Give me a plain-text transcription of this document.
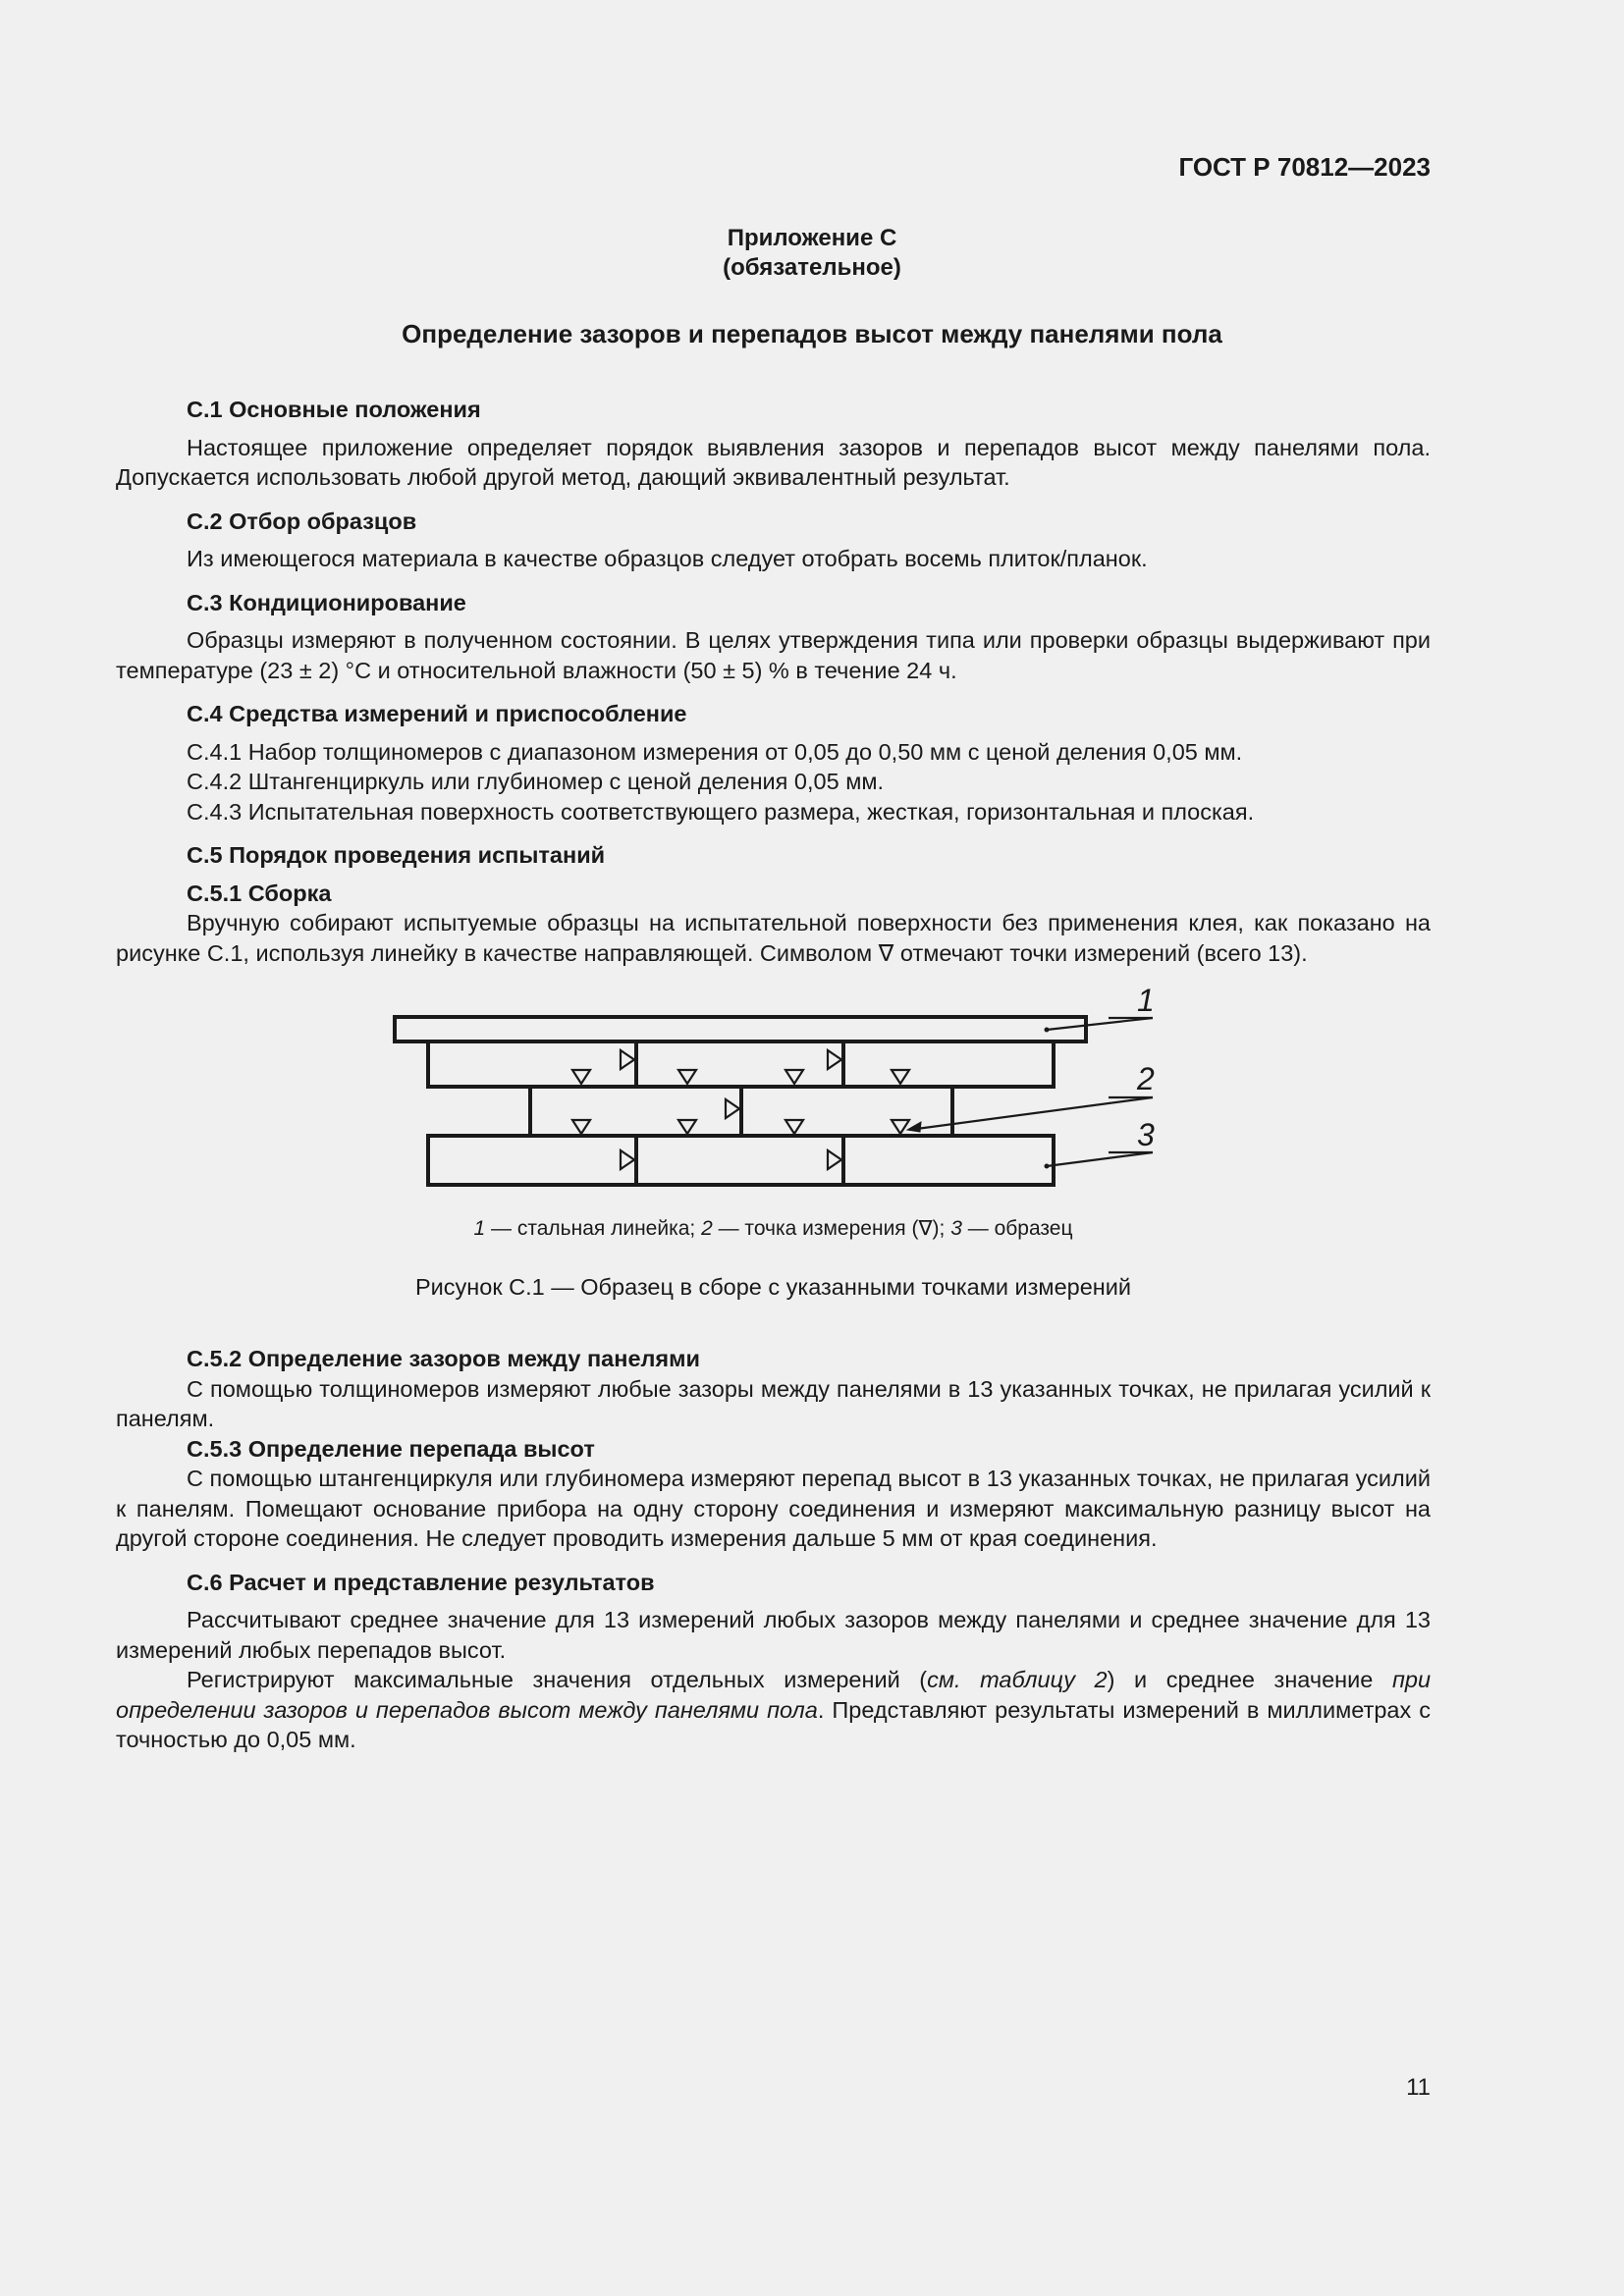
ГОСТ Р 70812—2023
Приложение С
(обязательное)
Определение зазоров и перепадов высот между панелями пола
С.1 Основные положения

Настоящее приложение определяет порядок выявления зазоров и перепадов высот между панелями пола. Допускается использовать любой другой метод, дающий эквивалентный результат.

С.2 Отбор образцов

Из имеющегося материала в качестве образцов следует отобрать восемь плиток/планок.

С.3 Кондиционирование

Образцы измеряют в полученном состоянии. В целях утверждения типа или проверки образцы выдерживают при температуре (23 ± 2) °С и относительной влажности (50 ± 5) % в течение 24 ч.

С.4 Средства измерений и приспособление

С.4.1 Набор толщиномеров с диапазоном измерения от 0,05 до 0,50 мм с ценой деления 0,05 мм.

С.4.2 Штангенциркуль или глубиномер с ценой деления 0,05 мм.

С.4.3 Испытательная поверхность соответствующего размера, жесткая, горизонтальная и плоская.

С.5 Порядок проведения испытаний
С.5.1 Сборка

Вручную собирают испытуемые образцы на испытательной поверхности без применения клея, как показано на рисунке С.1, используя линейку в качестве направляющей. Символом ∇ отмечают точки измерений (всего 13).

1
2
3
1 — стальная линейка; 2 — точка измерения (∇); 3 — образец
Рисунок С.1 — Образец в сборе с указанными точками измерений
С.5.2 Определение зазоров между панелями

С помощью толщиномеров измеряют любые зазоры между панелями в 13 указанных точках, не прилагая усилий к панелям.

С.5.3 Определение перепада высот

С помощью штангенциркуля или глубиномера измеряют перепад высот в 13 указанных точках, не прилагая усилий к панелям. Помещают основание прибора на одну сторону соединения и измеряют максимальную разницу высот на другой стороне соединения. Не следует проводить измерения дальше 5 мм от края соединения.

С.6 Расчет и представление результатов

Рассчитывают среднее значение для 13 измерений любых зазоров между панелями и среднее значение для 13 измерений любых перепадов высот.

Регистрируют максимальные значения отдельных измерений (см. таблицу 2) и среднее значение при определении зазоров и перепадов высот между панелями пола. Представляют результаты измерений в миллиметрах с точностью до 0,05 мм.

11
